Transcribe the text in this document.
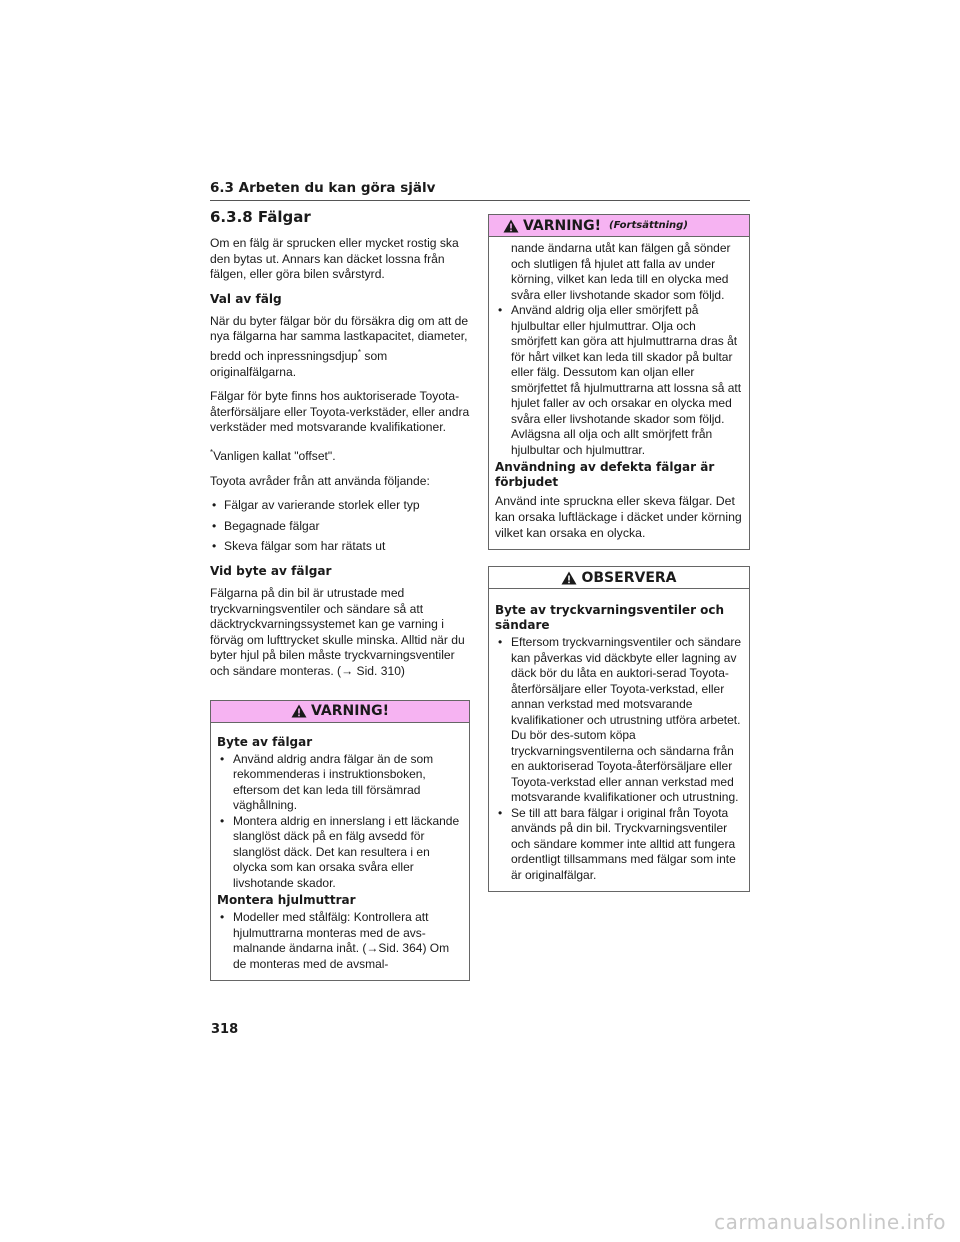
6.3 Arbeten du kan göra själv
6.3.8 Fälgar

Om en fälg är sprucken eller mycket rostig ska den bytas ut. Annars kan däcket lossna från fälgen, eller göra bilen svårstyrd.

Val av fälg

När du byter fälgar bör du försäkra dig om att de nya fälgarna har samma lastkapacitet, diameter, bredd och inpressningsdjup* som originalfälgarna.

Fälgar för byte finns hos auktoriserade Toyota-återförsäljare eller Toyota-verkstäder, eller andra verkstäder med motsvarande kvalifikationer.

*Vanligen kallat "offset".

Toyota avråder från att använda följande:

• Fälgar av varierande storlek eller typ
• Begagnade fälgar
• Skeva fälgar som har rätats ut
Vid byte av fälgar

Fälgarna på din bil är utrustade med tryckvarningsventiler och sändare så att däcktryckvarningssystemet kan ge varning i förväg om lufttrycket skulle minska. Alltid när du byter hjul på bilen måste tryckvarningsventiler och sändare monteras. (→ Sid. 310)

VARNING!
Byte av fälgar
• Använd aldrig andra fälgar än de som rekommenderas i instruktionsboken, eftersom det kan leda till försämrad väghållning.
• Montera aldrig en innerslang i ett läckande slanglöst däck på en fälg avsedd för slanglöst däck. Det kan resultera i en olycka som kan orsaka svåra eller livshotande skador.
Montera hjulmuttrar
• Modeller med stålfälg: Kontrollera att hjulmuttrarna monteras med de avs-malnande ändarna inåt. (→Sid. 364) Om de monteras med de avsmal-
VARNING! (Fortsättning)
nande ändarna utåt kan fälgen gå sönder och slutligen få hjulet att falla av under körning, vilket kan leda till en olycka med svåra eller livshotande skador som följd.
• Använd aldrig olja eller smörjfett på hjulbultar eller hjulmuttrar. Olja och smörjfett kan göra att hjulmuttrarna dras åt för hårt vilket kan leda till skador på bultar eller fälg. Dessutom kan oljan eller smörjfettet få hjulmuttrarna att lossna så att hjulet faller av och orsakar en olycka med svåra eller livshotande skador som följd. Avlägsna all olja och allt smörjfett från hjulbultar och hjulmuttrar.
Användning av defekta fälgar är förbjudet

Använd inte spruckna eller skeva fälgar. Det kan orsaka luftläckage i däcket under körning vilket kan orsaka en olycka.

OBSERVERA
Byte av tryckvarningsventiler och sändare
• Eftersom tryckvarningsventiler och sändare kan påverkas vid däckbyte eller lagning av däck bör du låta en auktori-serad Toyota-återförsäljare eller Toyota-verkstad, eller annan verkstad med motsvarande kvalifikationer och utrustning utföra arbetet. Du bör des-sutom köpa tryckvarningsventilerna och sändarna från en auktoriserad Toyota-återförsäljare eller Toyota-verkstad eller annan verkstad med motsvarande kvalifikationer och utrustning.
• Se till att bara fälgar i original från Toyota används på din bil. Tryckvarningsventiler och sändare kommer inte alltid att fungera ordentligt tillsammans med fälgar som inte är originalfälgar.
318
carmanualsonline.info
